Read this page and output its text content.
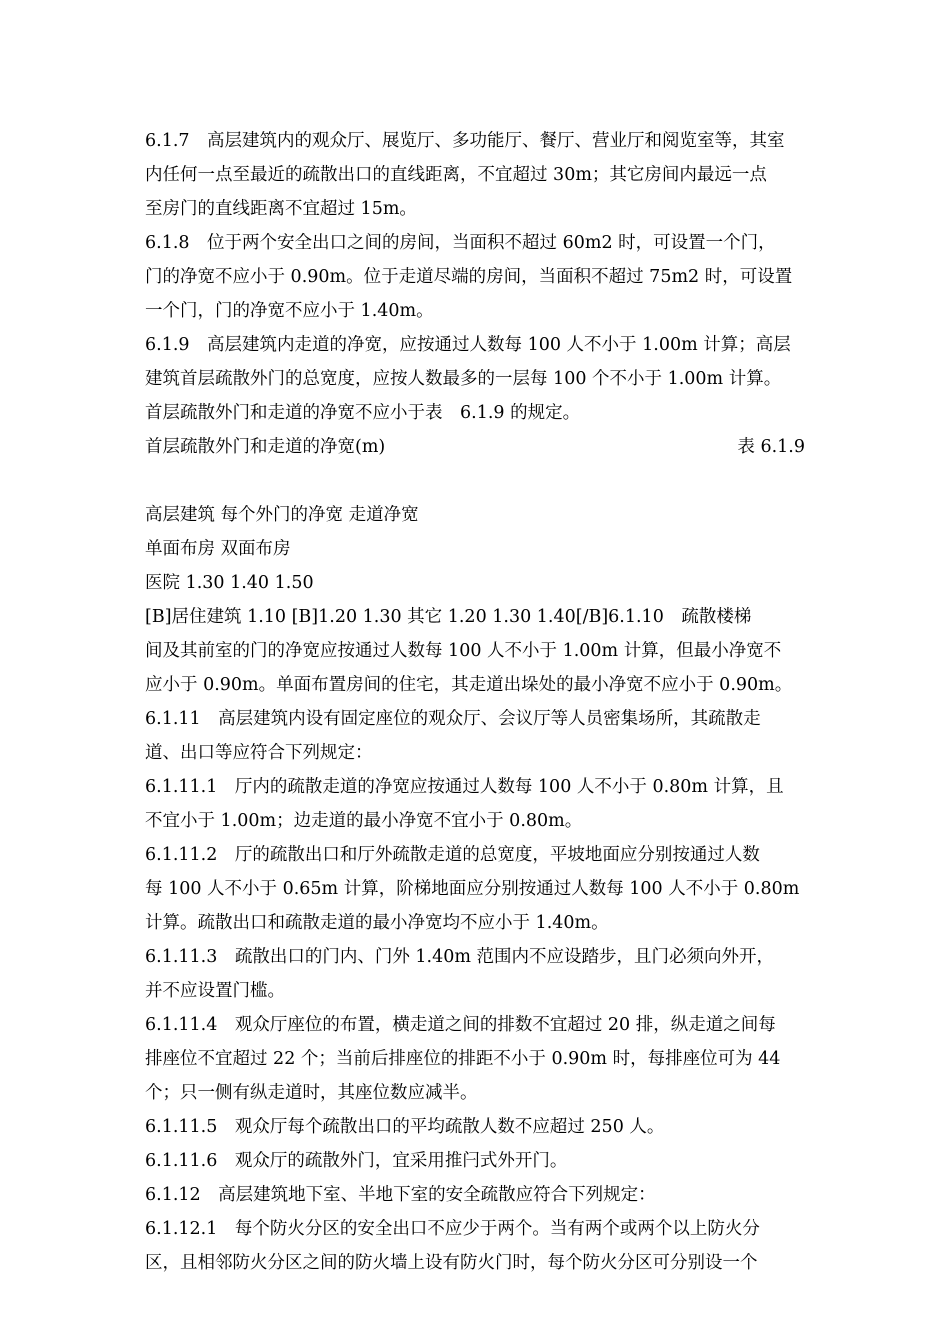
6.1.7　高层建筑内的观众厅、展览厅、多功能厅、餐厅、营业厅和阅览室等，其室
内任何一点至最近的疏散出口的直线距离，不宜超过 30m；其它房间内最远一点
至房门的直线距离不宜超过 15m。
6.1.8　位于两个安全出口之间的房间，当面积不超过 60m2 时，可设置一个门，
门的净宽不应小于 0.90m。位于走道尽端的房间，当面积不超过 75m2 时，可设置
一个门，门的净宽不应小于 1.40m。
6.1.9　高层建筑内走道的净宽，应按通过人数每 100 人不小于 1.00m 计算；高层
建筑首层疏散外门的总宽度，应按人数最多的一层每 100 个不小于 1.00m 计算。
首层疏散外门和走道的净宽不应小于表　6.1.9 的规定。
首层疏散外门和走道的净宽(m)	表 6.1.9
高层建筑 每个外门的净宽 走道净宽
单面布房 双面布房
医院 1.30 1.40 1.50
[B]居住建筑 1.10 [B]1.20 1.30 其它 1.20 1.30 1.40[/B]6.1.10　疏散楼梯
间及其前室的门的净宽应按通过人数每 100 人不小于 1.00m 计算，但最小净宽不
应小于 0.90m。单面布置房间的住宅，其走道出垛处的最小净宽不应小于 0.90m。
6.1.11　高层建筑内设有固定座位的观众厅、会议厅等人员密集场所，其疏散走
道、出口等应符合下列规定：
6.1.11.1　厅内的疏散走道的净宽应按通过人数每 100 人不小于 0.80m 计算，且
不宜小于 1.00m；边走道的最小净宽不宜小于 0.80m。
6.1.11.2　厅的疏散出口和厅外疏散走道的总宽度，平坡地面应分别按通过人数
每 100 人不小于 0.65m 计算，阶梯地面应分别按通过人数每 100 人不小于 0.80m
计算。疏散出口和疏散走道的最小净宽均不应小于 1.40m。
6.1.11.3　疏散出口的门内、门外 1.40m 范围内不应设踏步，且门必须向外开，
并不应设置门槛。
6.1.11.4　观众厅座位的布置，横走道之间的排数不宜超过 20 排，纵走道之间每
排座位不宜超过 22 个；当前后排座位的排距不小于 0.90m 时，每排座位可为 44
个；只一侧有纵走道时，其座位数应减半。
6.1.11.5　观众厅每个疏散出口的平均疏散人数不应超过 250 人。
6.1.11.6　观众厅的疏散外门，宜采用推闩式外开门。
6.1.12　高层建筑地下室、半地下室的安全疏散应符合下列规定：
6.1.12.1　每个防火分区的安全出口不应少于两个。当有两个或两个以上防火分
区，且相邻防火分区之间的防火墙上设有防火门时，每个防火分区可分别设一个
